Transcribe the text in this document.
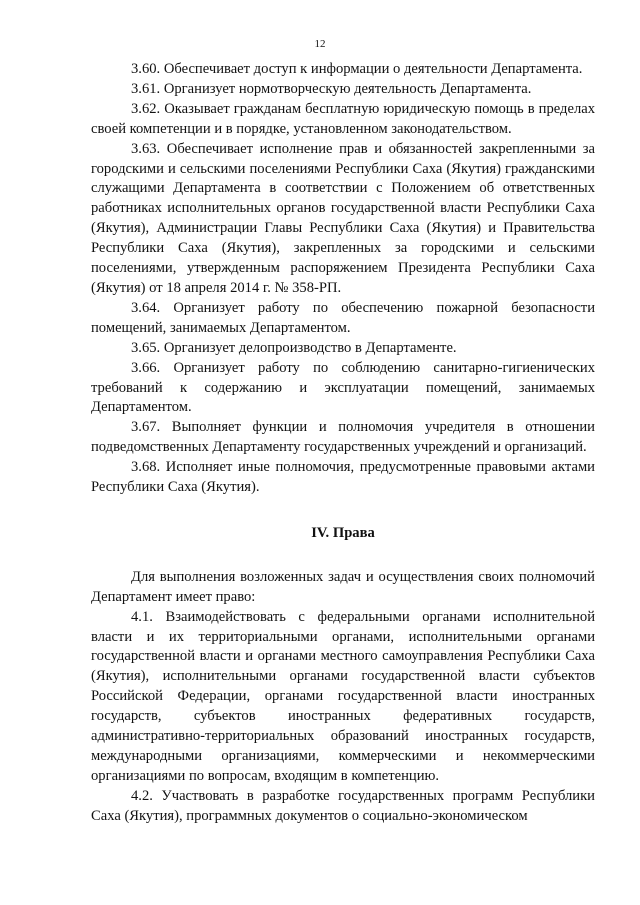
12

3.60. Обеспечивает доступ к информации о деятельности Департамента.

3.61. Организует нормотворческую деятельность Департамента.

3.62. Оказывает гражданам бесплатную юридическую помощь в пределах своей компетенции и в порядке, установленном законодательством.

3.63. Обеспечивает исполнение прав и обязанностей закрепленными за городскими и сельскими поселениями Республики Саха (Якутия) гражданскими служащими Департамента в соответствии с Положением об ответственных работниках исполнительных органов государственной власти Республики Саха (Якутия), Администрации Главы Республики Саха (Якутия) и Правительства Республики Саха (Якутия), закрепленных за городскими и сельскими поселениями, утвержденным распоряжением Президента Республики Саха (Якутия) от 18 апреля 2014 г. № 358-РП.

3.64. Организует работу по обеспечению пожарной безопасности помещений, занимаемых Департаментом.

3.65. Организует делопроизводство в Департаменте.

3.66. Организует работу по соблюдению санитарно-гигиенических требований к содержанию и эксплуатации помещений, занимаемых Департаментом.

3.67. Выполняет функции и полномочия учредителя в отношении подведомственных Департаменту государственных учреждений и организаций.

3.68. Исполняет иные полномочия, предусмотренные правовыми актами Республики Саха (Якутия).

IV. Права

Для выполнения возложенных задач и осуществления своих полномочий Департамент имеет право:

4.1. Взаимодействовать с федеральными органами исполнительной власти и их территориальными органами, исполнительными органами государственной власти и органами местного самоуправления Республики Саха (Якутия), исполнительными органами государственной власти субъектов Российской Федерации, органами государственной власти иностранных государств, субъектов иностранных федеративных государств, административно-территориальных образований иностранных государств, международными организациями, коммерческими и некоммерческими организациями по вопросам, входящим в компетенцию.

4.2. Участвовать в разработке государственных программ Республики Саха (Якутия), программных документов о социально-экономическом
